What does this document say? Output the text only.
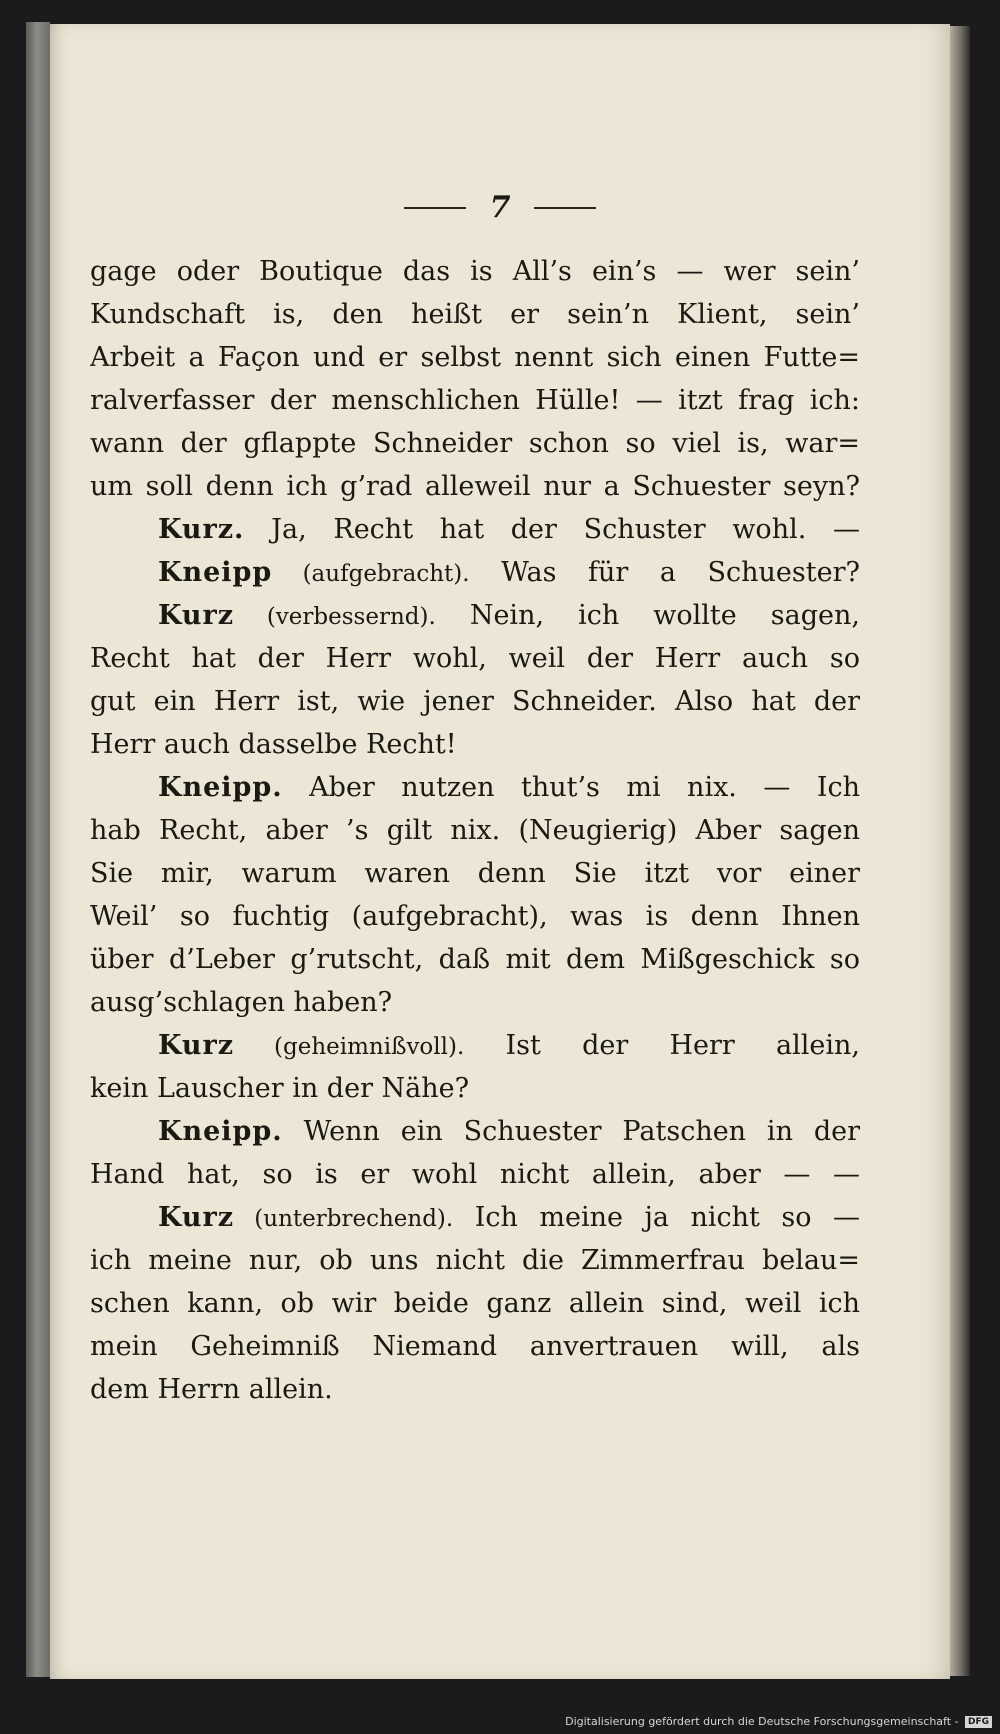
7
gage oder Boutique das is All’s ein’s — wer sein’
Kundschaft is, den heißt er sein’n Klient, sein’
Arbeit a Façon und er selbst nennt sich einen Futte=
ralverfasser der menschlichen Hülle! — itzt frag ich:
wann der gflappte Schneider schon so viel is, war=
um soll denn ich g’rad alleweil nur a Schuester seyn?
Kurz. Ja, Recht hat der Schuster wohl. —
Kneipp (aufgebracht). Was für a Schuester?
Kurz (verbessernd). Nein, ich wollte sagen,
Recht hat der Herr wohl, weil der Herr auch so
gut ein Herr ist, wie jener Schneider. Also hat der
Herr auch dasselbe Recht!
Kneipp. Aber nutzen thut’s mi nix. — Ich
hab Recht, aber ’s gilt nix. (Neugierig) Aber sagen
Sie mir, warum waren denn Sie itzt vor einer
Weil’ so fuchtig (aufgebracht), was is denn Ihnen
über d’Leber g’rutscht, daß mit dem Mißgeschick so
ausg’schlagen haben?
Kurz (geheimnißvoll). Ist der Herr allein,
kein Lauscher in der Nähe?
Kneipp. Wenn ein Schuester Patschen in der
Hand hat, so is er wohl nicht allein, aber — —
Kurz (unterbrechend). Ich meine ja nicht so —
ich meine nur, ob uns nicht die Zimmerfrau belau=
schen kann, ob wir beide ganz allein sind, weil ich
mein Geheimniß Niemand anvertrauen will, als
dem Herrn allein.
Digitalisierung gefördert durch die Deutsche Forschungsgemeinschaft - DFG
